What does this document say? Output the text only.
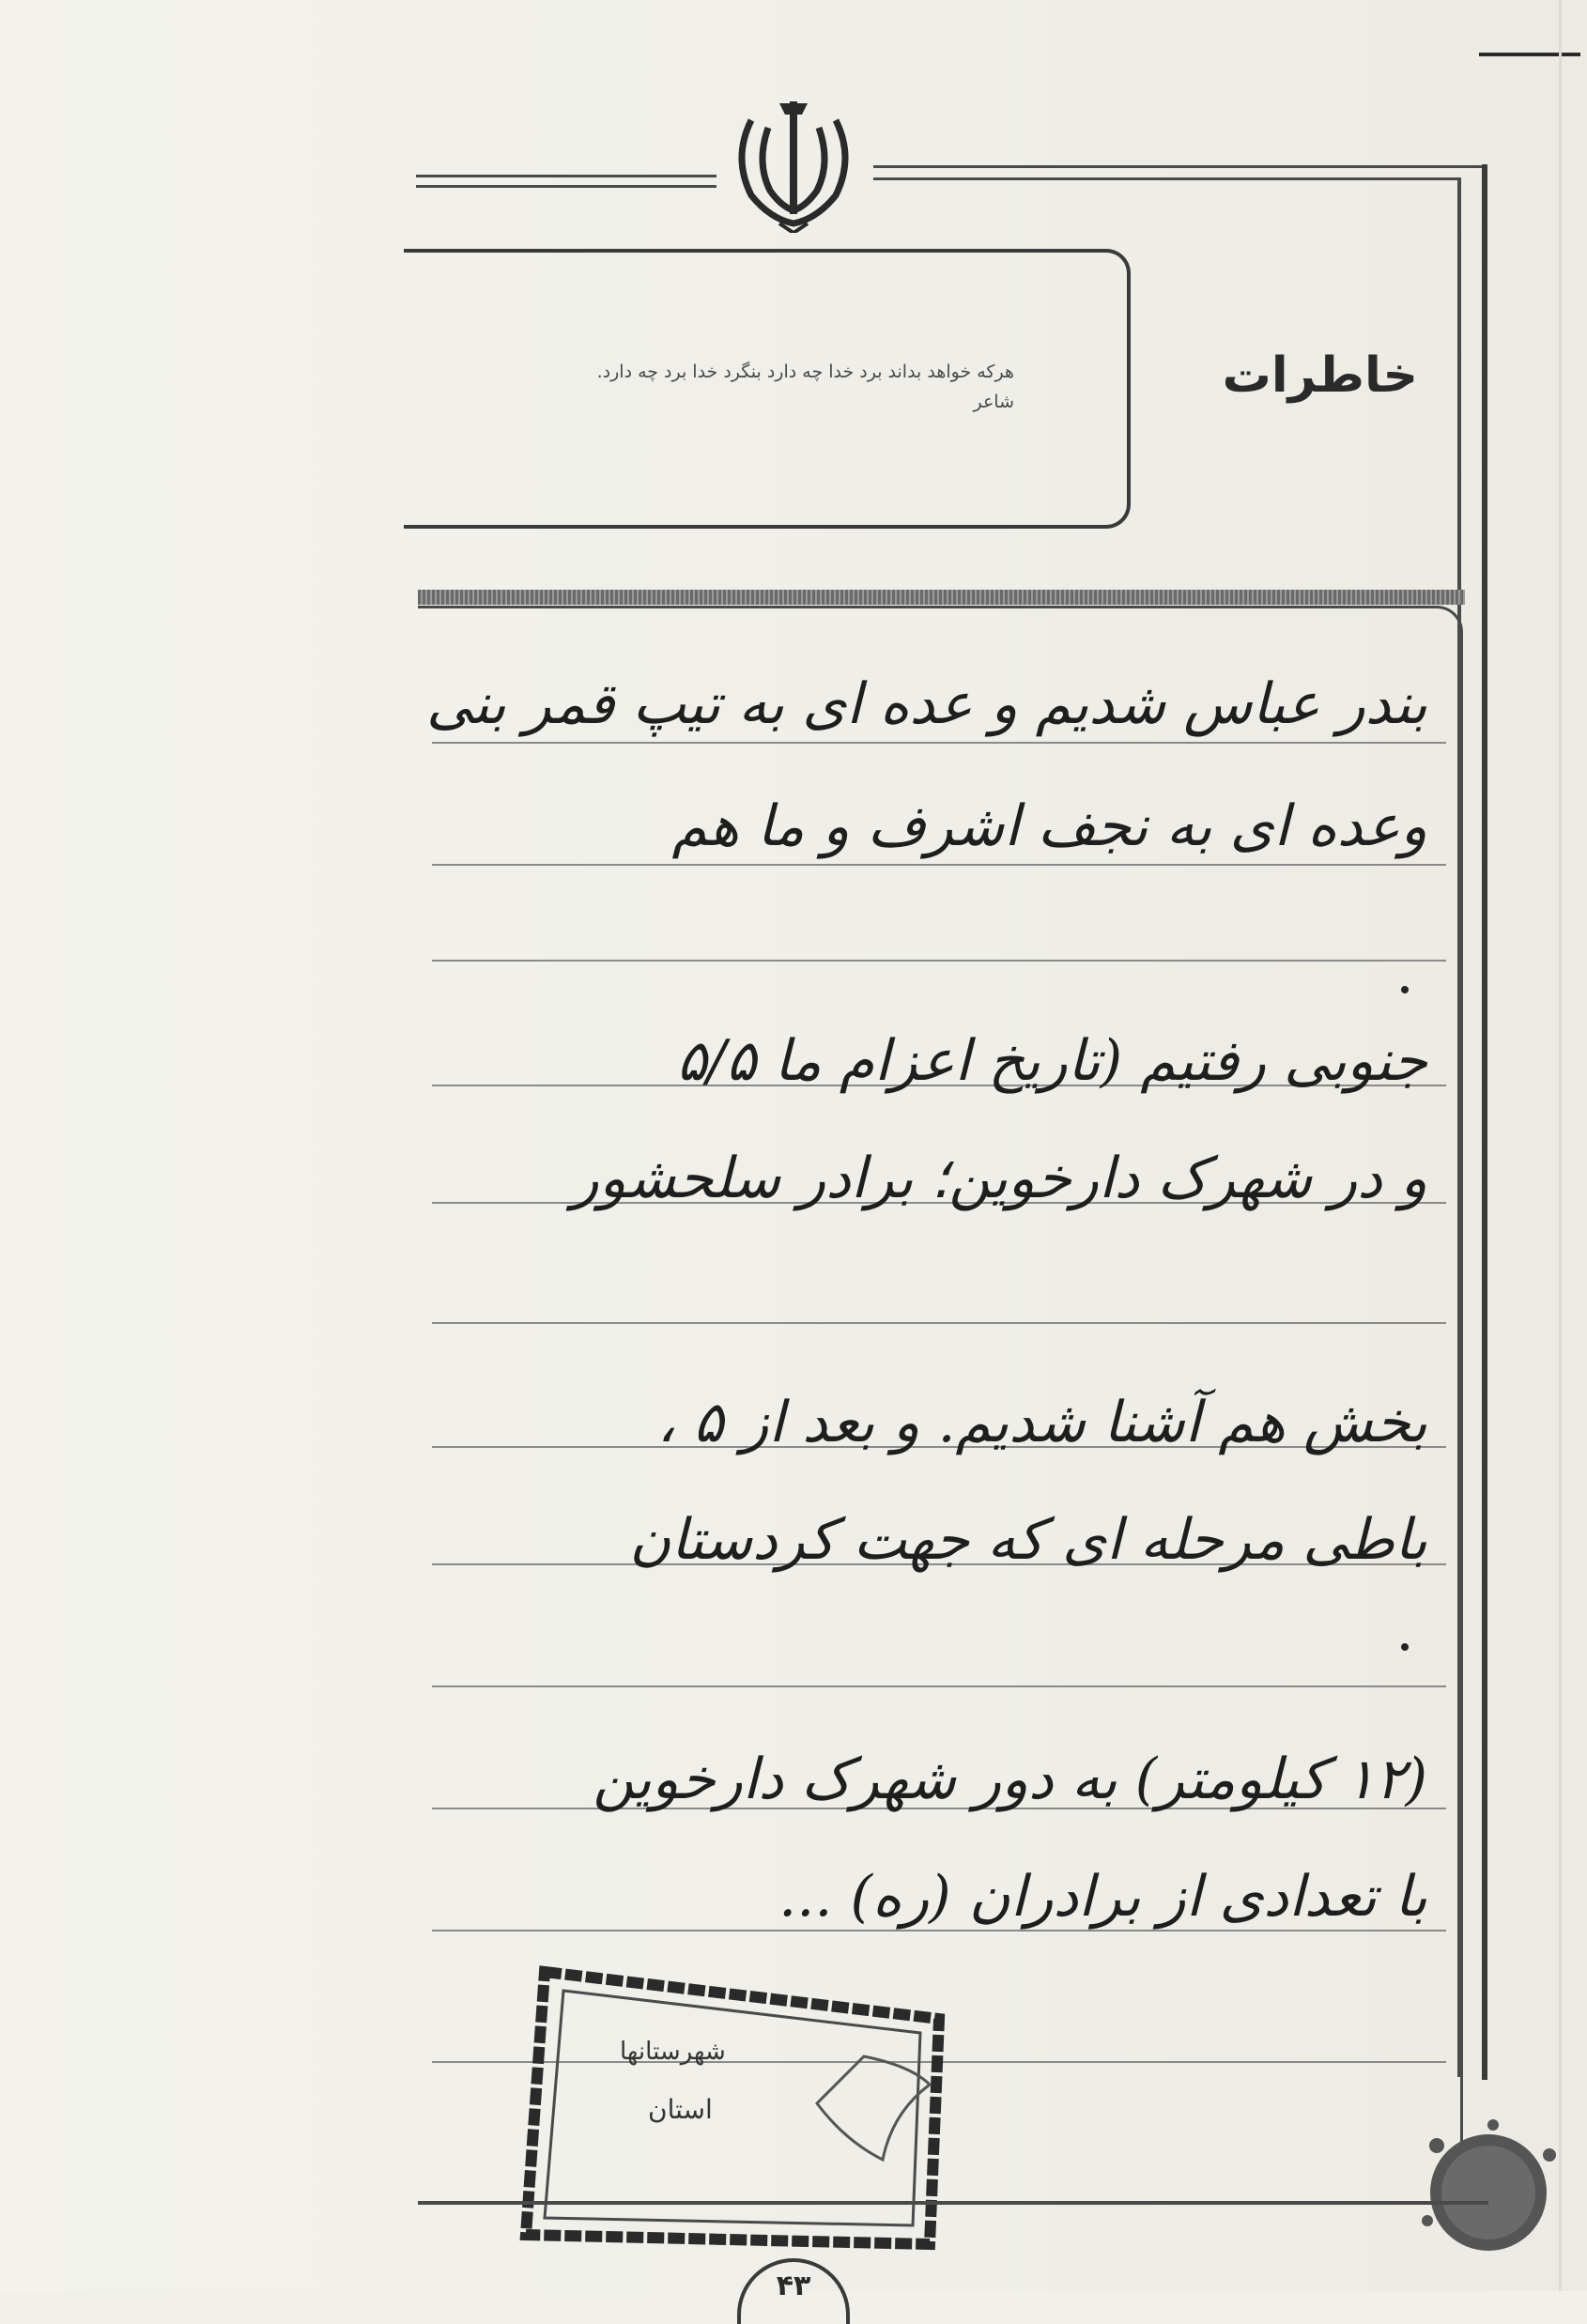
خاطرات
هرکه خواهد بداند برد خدا چه دارد بنگرد خدا برد چه دارد.
شاعر
بندر عباس شدیم و عده ای به تیپ قمر بنی
وعده ای به نجف اشرف و ما هم
جنوبی رفتیم (تاریخ اعزام ما ۵/۵
و در شهرک دارخوین؛ برادر سلحشور
بخش هم آشنا شدیم. و بعد از ۵ ،
باطی مرحله ای که جهت کردستان
(۱۲ کیلومتر) به دور شهرک دارخوین
با تعدادی از برادران (ره) ...
شهرستانها
استان
۴۳
